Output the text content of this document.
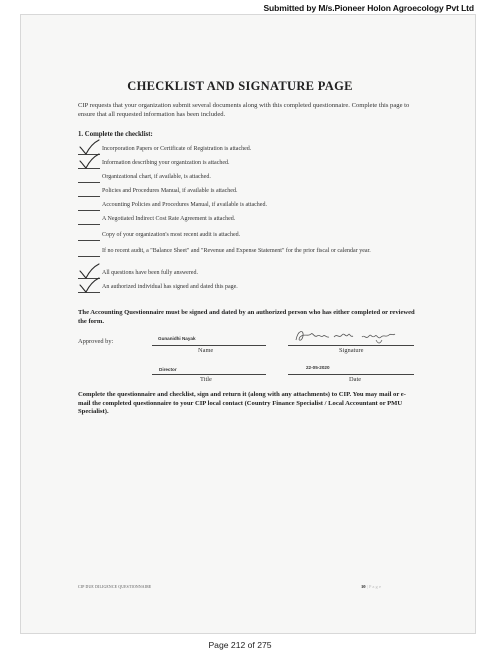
Submitted by M/s.Pioneer Holon Agroecology Pvt Ltd
CHECKLIST AND SIGNATURE PAGE
CIP requests that your organization submit several documents along with this completed questionnaire. Complete this page to ensure that all requested information has been included.
1. Complete the checklist:
Incorporation Papers or Certificate of Registration is attached.
Information describing your organization is attached.
Organizational chart, if available, is attached.
Policies and Procedures Manual, if available is attached.
Accounting Policies and Procedures Manual, if available is attached.
A Negotiated Indirect Cost Rate Agreement is attached.
Copy of your organization's most recent audit is attached.
If no recent audit, a "Balance Sheet" and "Revenue and Expense Statement" for the prior fiscal or calendar year.
All questions have been fully answered.
An authorized individual has signed and dated this page.
The Accounting Questionnaire must be signed and dated by an authorized person who has either completed or reviewed the form.
Approved by:	Gunanidhi Nayak
Name	Signature
Director
Title
22-05-2020
Date
Complete the questionnaire and checklist, sign and return it (along with any attachments) to CIP. You may mail or e-mail the completed questionnaire to your CIP local contact (Country Finance Specialist / Local Accountant or PMU Specialist).
CIP DUE DILIGENCE QUESTIONNAIRE	10 | P a g e
Page 212 of 275
